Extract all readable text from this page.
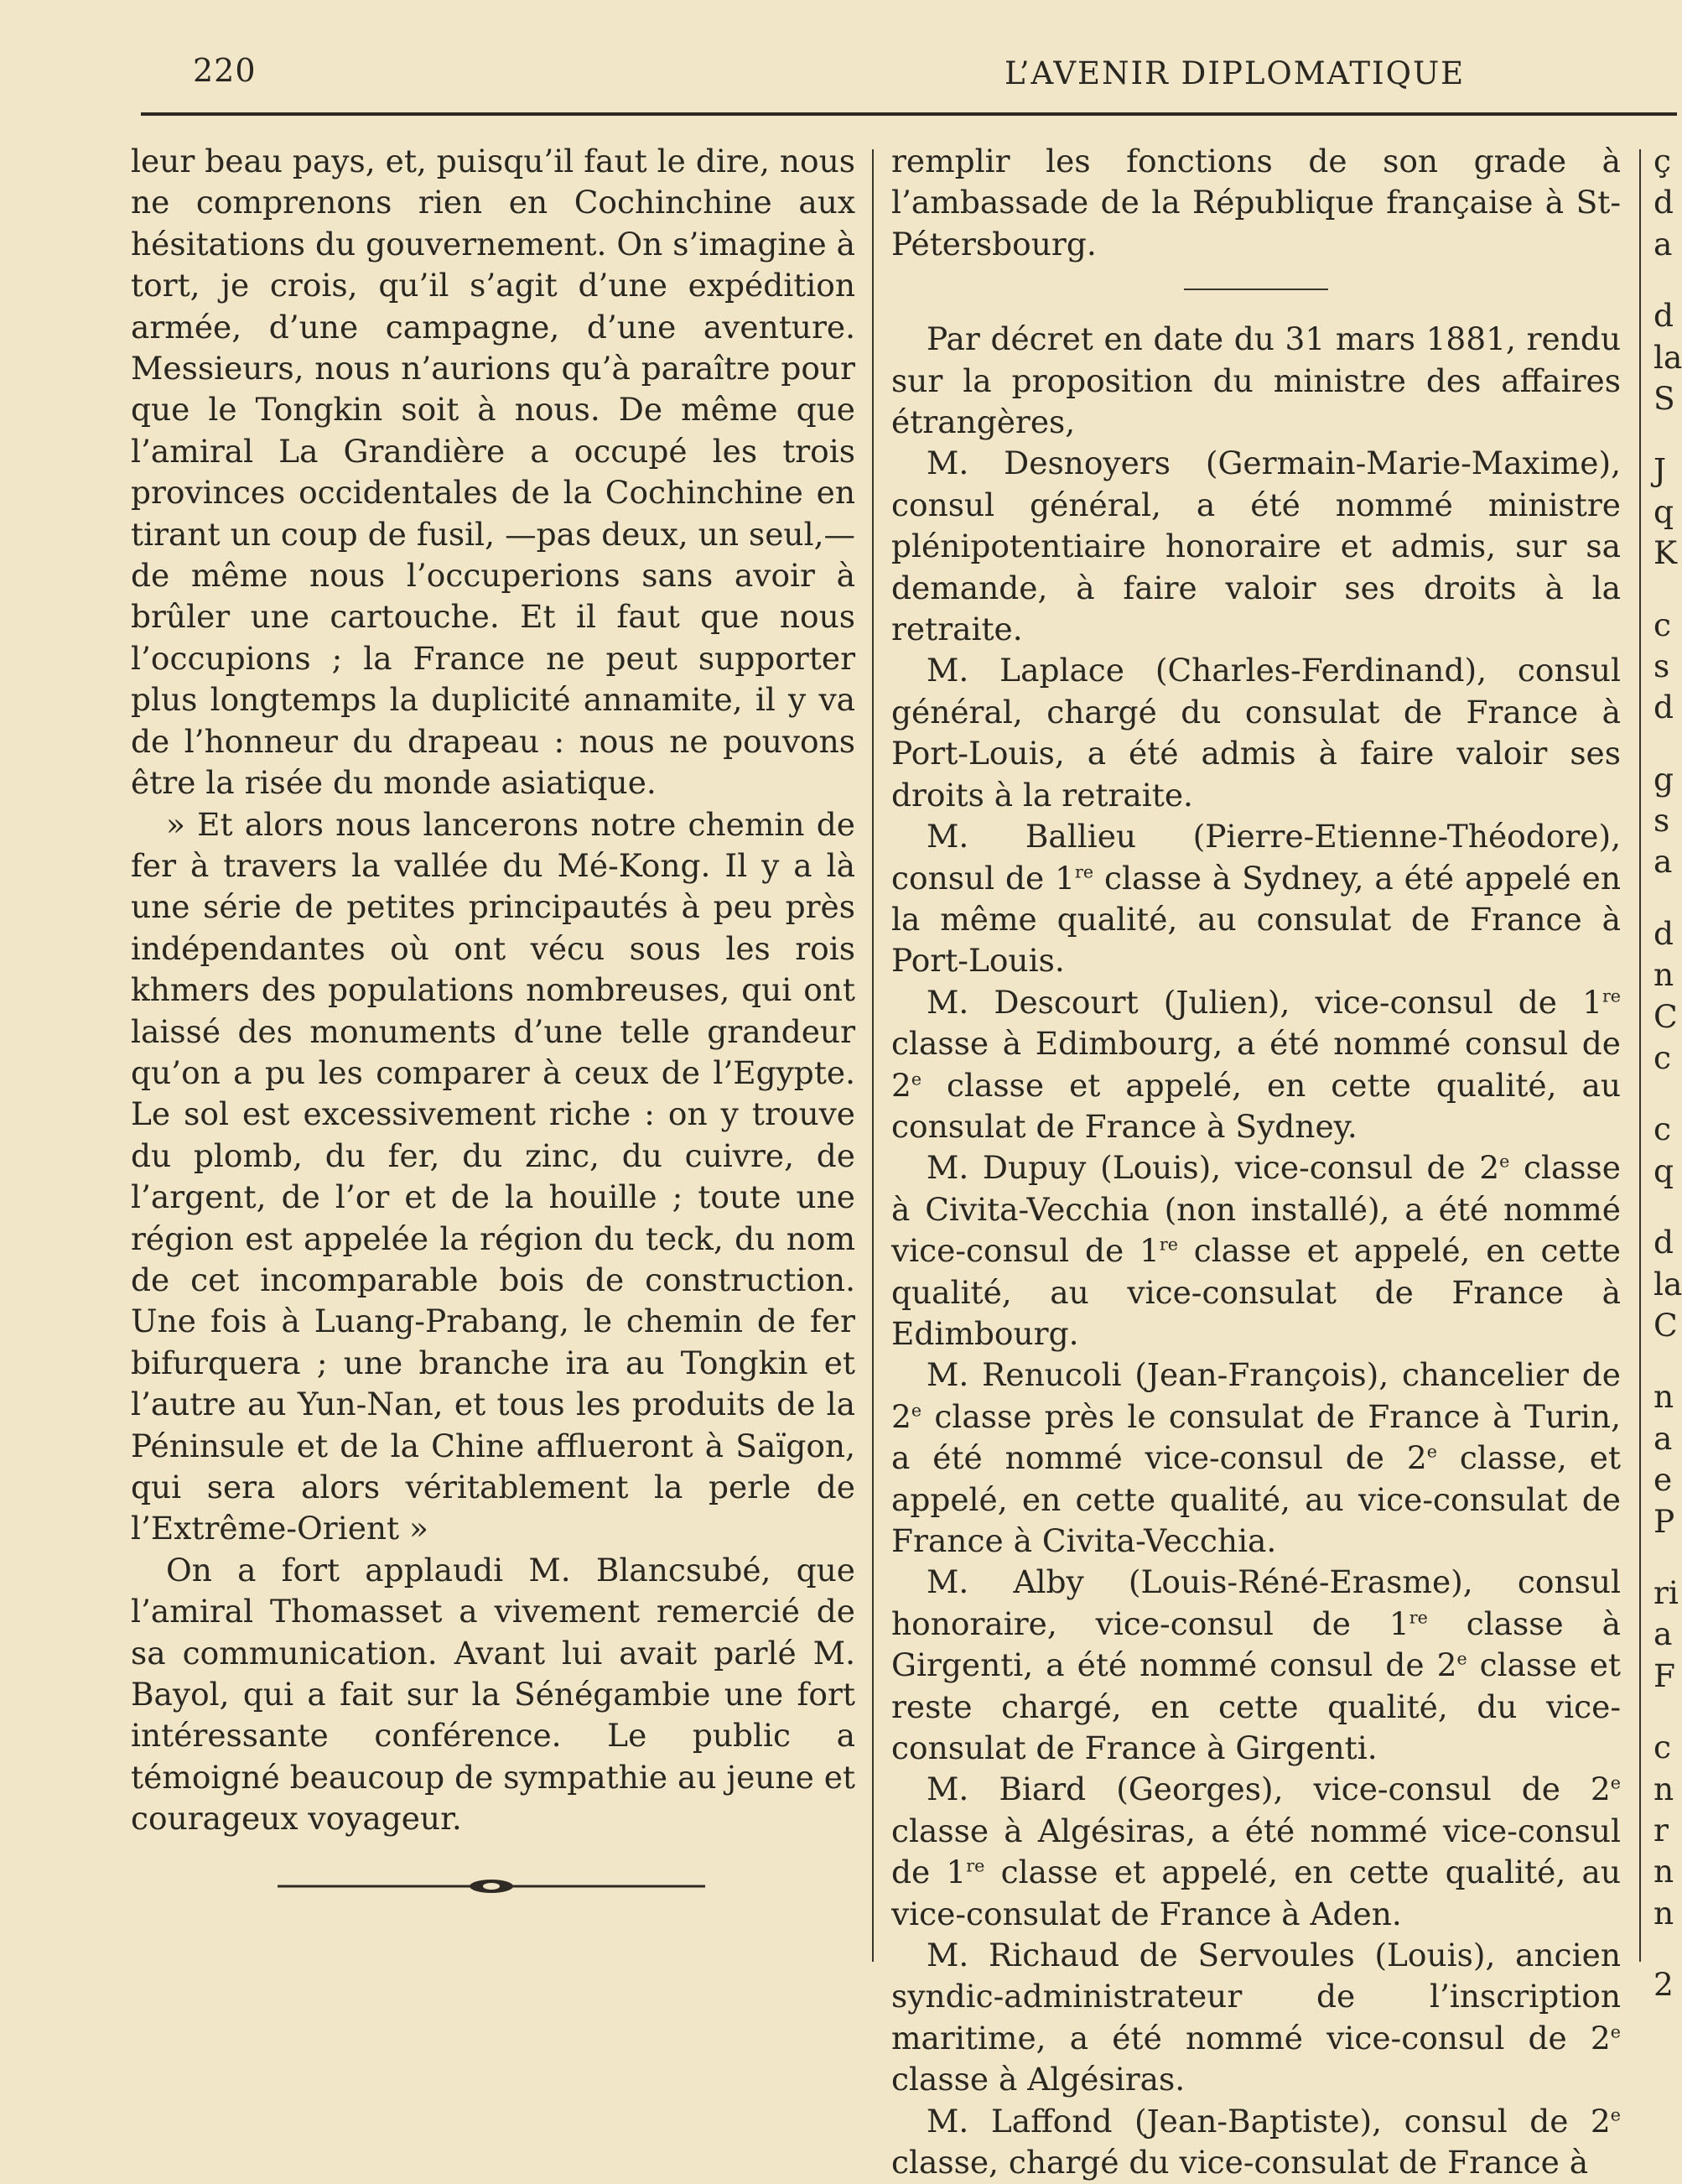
220	L’AVENIR DIPLOMATIQUE

leur beau pays, et, puisqu’il faut le dire, nous ne comprenons rien en Cochinchine aux hésitations du gouvernement. On s’imagine à tort, je crois, qu’il s’agit d’une expédition armée, d’une campagne, d’une aventure. Messieurs, nous n’aurions qu’à paraître pour que le Tongkin soit à nous. De même que l’amiral La Grandière a occupé les trois provinces occidentales de la Cochinchine en tirant un coup de fusil, —pas deux, un seul,—de même nous l’occuperions sans avoir à brûler une cartouche. Et il faut que nous l’occupions ; la France ne peut supporter plus longtemps la duplicité annamite, il y va de l’honneur du drapeau : nous ne pouvons être la risée du monde asiatique.

» Et alors nous lancerons notre chemin de fer à travers la vallée du Mé-Kong. Il y a là une série de petites principautés à peu près indépendantes où ont vécu sous les rois khmers des populations nombreuses, qui ont laissé des monuments d’une telle grandeur qu’on a pu les comparer à ceux de l’Egypte. Le sol est excessivement riche : on y trouve du plomb, du fer, du zinc, du cuivre, de l’argent, de l’or et de la houille ; toute une région est appelée la région du teck, du nom de cet incomparable bois de construction. Une fois à Luang-Prabang, le chemin de fer bifurquera ; une branche ira au Tongkin et l’autre au Yun-Nan, et tous les produits de la Péninsule et de la Chine afflueront à Saïgon, qui sera alors véritablement la perle de l’Extrême-Orient »

On a fort applaudi M. Blancsubé, que l’amiral Thomasset a vivement remercié de sa communication. Avant lui avait parlé M. Bayol, qui a fait sur la Sénégambie une fort intéressante conférence. Le public a témoigné beaucoup de sympathie au jeune et courageux voyageur.

remplir les fonctions de son grade à l’ambassade de la République française à St-Pétersbourg.

Par décret en date du 31 mars 1881, rendu sur la proposition du ministre des affaires étrangères,

M. Desnoyers (Germain-Marie-Maxime), consul général, a été nommé ministre plénipotentiaire honoraire et admis, sur sa demande, à faire valoir ses droits à la retraite.

M. Laplace (Charles-Ferdinand), consul général, chargé du consulat de France à Port-Louis, a été admis à faire valoir ses droits à la retraite.

M. Ballieu (Pierre-Etienne-Théodore), consul de 1re classe à Sydney, a été appelé en la même qualité, au consulat de France à Port-Louis.

M. Descourt (Julien), vice-consul de 1re classe à Edimbourg, a été nommé consul de 2e classe et appelé, en cette qualité, au consulat de France à Sydney.

M. Dupuy (Louis), vice-consul de 2e classe à Civita-Vecchia (non installé), a été nommé vice-consul de 1re classe et appelé, en cette qualité, au vice-consulat de France à Edimbourg.

M. Renucoli (Jean-François), chancelier de 2e classe près le consulat de France à Turin, a été nommé vice-consul de 2e classe, et appelé, en cette qualité, au vice-consulat de France à Civita-Vecchia.

M. Alby (Louis-Réné-Erasme), consul honoraire, vice-consul de 1re classe à Girgenti, a été nommé consul de 2e classe et reste chargé, en cette qualité, du vice-consulat de France à Girgenti.

M. Biard (Georges), vice-consul de 2e classe à Algésiras, a été nommé vice-consul de 1re classe et appelé, en cette qualité, au vice-consulat de France à Aden.

M. Richaud de Servoules (Louis), ancien syndic-administrateur de l’inscription maritime, a été nommé vice-consul de 2e classe à Algésiras.

M. Laffond (Jean-Baptiste), consul de 2e classe, chargé du vice-consulat de France à

ç
d
a
d
la
S
J
q
K
c
s
d
g
s
a
d
n
C
c
c
q
d
la
C
n
a
e
P
ri
a
F
c
n
r
n
n
2
